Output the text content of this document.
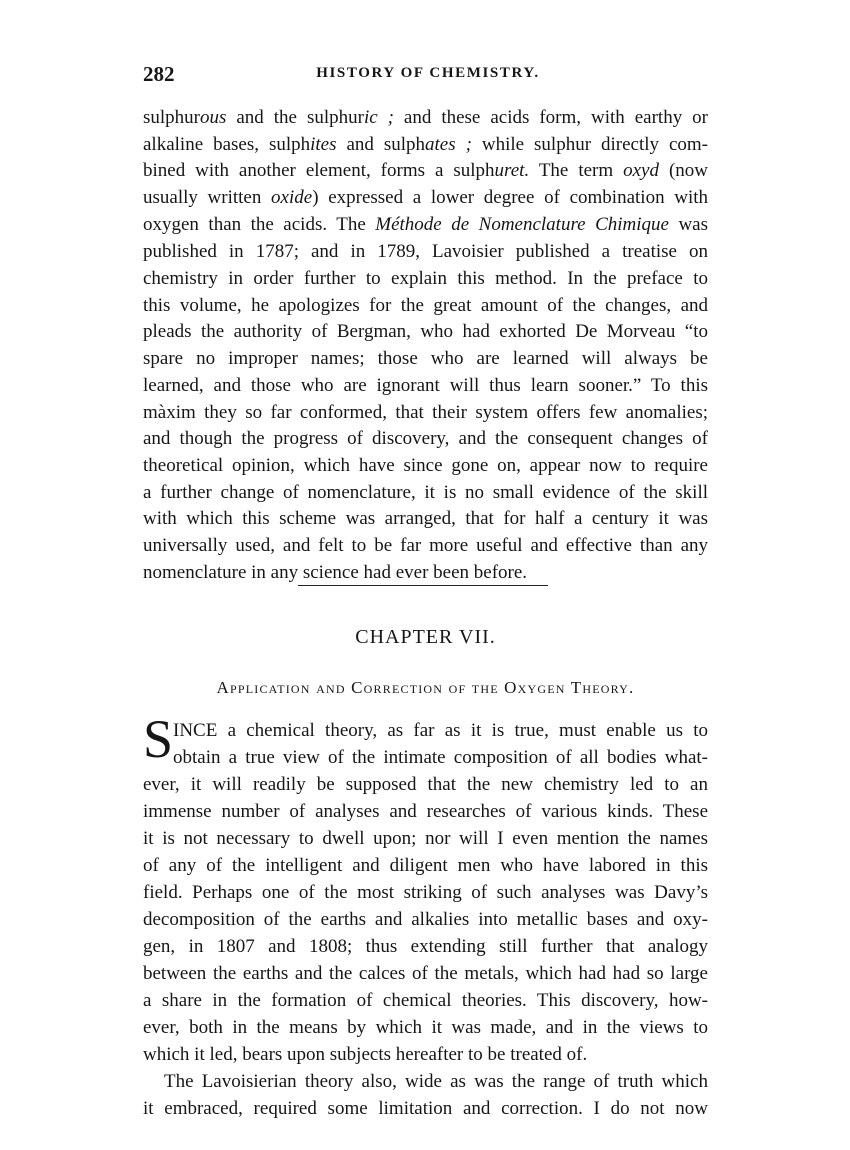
282	HISTORY OF CHEMISTRY.
sulphurous and the sulphuric ; and these acids form, with earthy or
alkaline bases, sulphites and sulphates ; while sulphur directly com-
bined with another element, forms a sulphuret. The term oxyd (now
usually written oxide) expressed a lower degree of combination with
oxygen than the acids. The Méthode de Nomenclature Chimique was
published in 1787; and in 1789, Lavoisier published a treatise on
chemistry in order further to explain this method. In the preface to
this volume, he apologizes for the great amount of the changes, and
pleads the authority of Bergman, who had exhorted De Morveau “to
spare no improper names; those who are learned will always be
learned, and those who are ignorant will thus learn sooner.” To this
màxim they so far conformed, that their system offers few anomalies;
and though the progress of discovery, and the consequent changes of
theoretical opinion, which have since gone on, appear now to require
a further change of nomenclature, it is no small evidence of the skill
with which this scheme was arranged, that for half a century it was
universally used, and felt to be far more useful and effective than any
nomenclature in any science had ever been before.
CHAPTER VII.
Application and Correction of the Oxygen Theory.
S INCE a chemical theory, as far as it is true, must enable us to
obtain a true view of the intimate composition of all bodies what-
ever, it will readily be supposed that the new chemistry led to an
immense number of analyses and researches of various kinds. These
it is not necessary to dwell upon; nor will I even mention the names
of any of the intelligent and diligent men who have labored in this
field. Perhaps one of the most striking of such analyses was Davy’s
decomposition of the earths and alkalies into metallic bases and oxy-
gen, in 1807 and 1808; thus extending still further that analogy
between the earths and the calces of the metals, which had had so large
a share in the formation of chemical theories. This discovery, how-
ever, both in the means by which it was made, and in the views to
which it led, bears upon subjects hereafter to be treated of.
The Lavoisierian theory also, wide as was the range of truth which
it embraced, required some limitation and correction. I do not now
